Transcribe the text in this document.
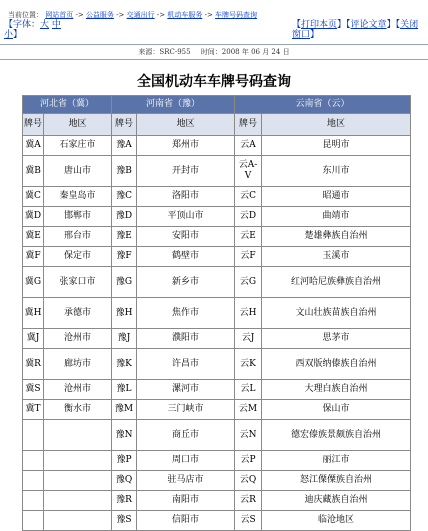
当前位置： 网站首页 -> 公益服务 -> 交通出行 -> 机动车服务 -> 车牌号码查询
【字体：大 中
小】
【打印本页】【评论文章】【关闭窗口】
来源：SRC-955 时间：2008 年 06 月 24 日
全国机动车车牌号码查询
河北省（冀）		河南省（豫）		云南省（云）	
牌号	地区	牌号	地区	牌号	地区
冀A	石家庄市	豫A	郑州市	云A	昆明市
冀B	唐山市	豫B	开封市	云A-V	东川市
冀C	秦皇岛市	豫C	洛阳市	云C	昭通市
冀D	邯郸市	豫D	平顶山市	云D	曲靖市
冀E	邢台市	豫E	安阳市	云E	楚雄彝族自治州
冀F	保定市	豫F	鹤壁市	云F	玉溪市
冀G	张家口市	豫G	新乡市	云G	红河哈尼族彝族自治州
冀H	承德市	豫H	焦作市	云H	文山壮族苗族自治州
冀J	沧州市	豫J	濮阳市	云J	思茅市
冀R	廊坊市	豫K	许昌市	云K	西双版纳傣族自治州
冀S	沧州市	豫L	漯河市	云L	大理白族自治州
冀T	衡水市	豫M	三门峡市	云M	保山市
		豫N	商丘市	云N	德宏傣族景颇族自治州
		豫P	周口市	云P	丽江市
		豫Q	驻马店市	云Q	怒江傈僳族自治州
		豫R	南阳市	云R	迪庆藏族自治州
		豫S	信阳市	云S	临沧地区
